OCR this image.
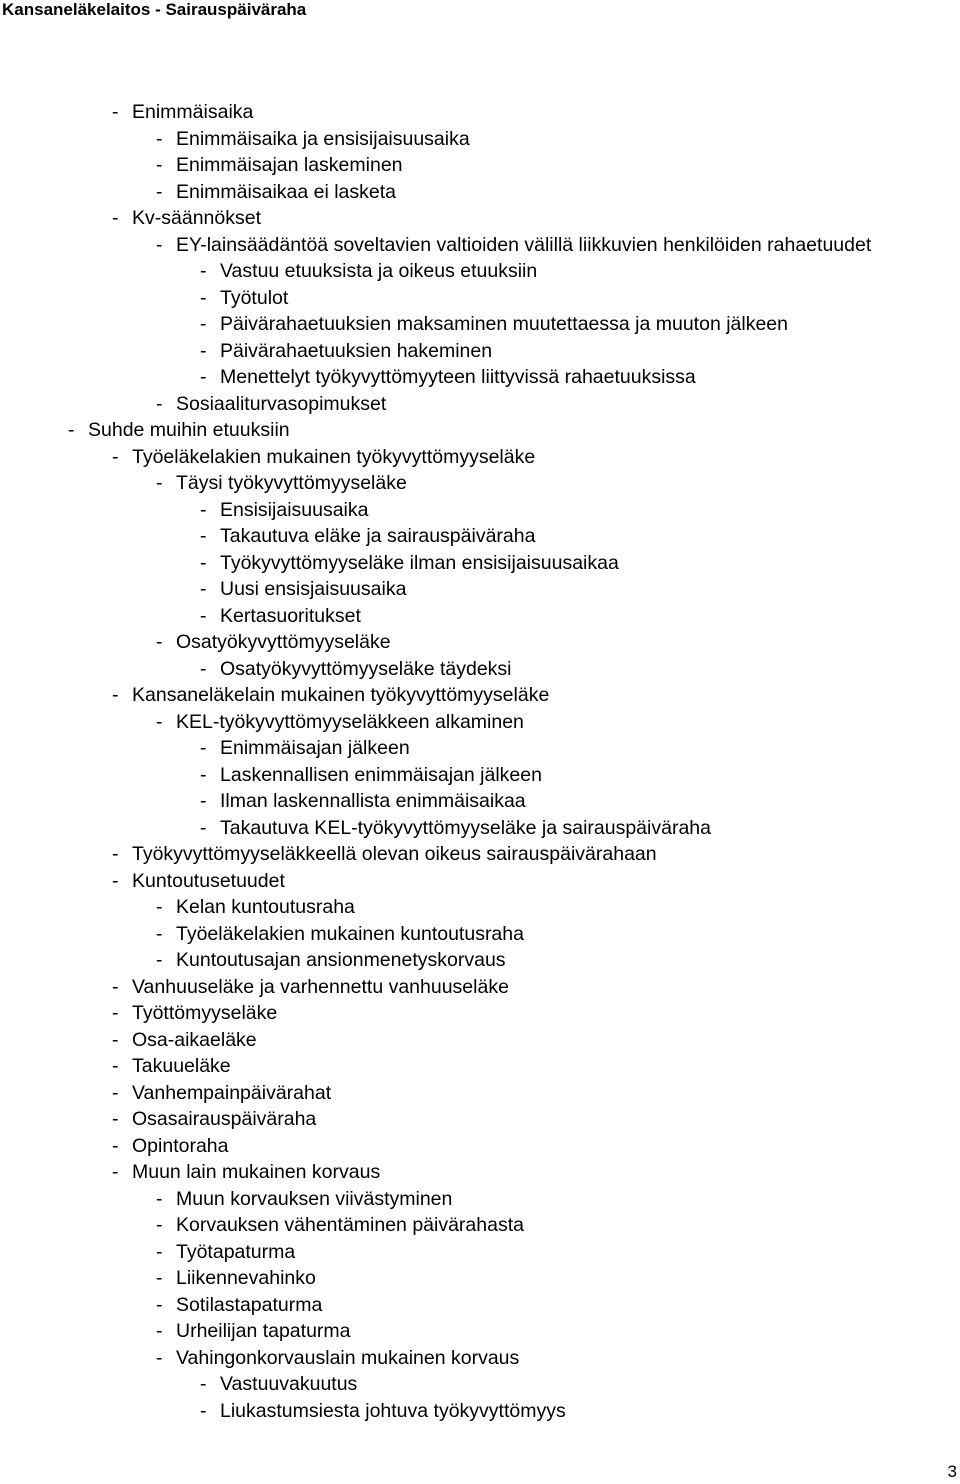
Kansaneläkelaitos - Sairauspäiväraha
- Enimmäisaika
- Enimmäisaika ja ensisijaisuusaika
- Enimmäisajan laskeminen
- Enimmäisaikaa ei lasketa
- Kv-säännökset
- EY-lainsäädäntöä soveltavien valtioiden välillä liikkuvien henkilöiden rahaetuudet
- Vastuu etuuksista ja oikeus etuuksiin
- Työtulot
- Päivärahaetuuksien maksaminen muutettaessa ja muuton jälkeen
- Päivärahaetuuksien hakeminen
- Menettelyt työkyvyttömyyteen liittyvissä rahaetuuksissa
- Sosiaaliturvasopimukset
- Suhde muihin etuuksiin
- Työeläkelakien mukainen työkyvyttömyyseläke
- Täysi työkyvyttömyyseläke
- Ensisijaisuusaika
- Takautuva eläke ja sairauspäiväraha
- Työkyvyttömyyseläke ilman ensisijaisuusaikaa
- Uusi ensisjaisuusaika
- Kertasuoritukset
- Osatyökyvyttömyyseläke
- Osatyökyvyttömyyseläke täydeksi
- Kansaneläkelain mukainen työkyvyttömyyseläke
- KEL-työkyvyttömyyseläkkeen alkaminen
- Enimmäisajan jälkeen
- Laskennallisen enimmäisajan jälkeen
- Ilman laskennallista enimmäisaikaa
- Takautuva KEL-työkyvyttömyyseläke ja sairauspäiväraha
- Työkyvyttömyyseläkkeellä olevan oikeus sairauspäivärahaan
- Kuntoutusetuudet
- Kelan kuntoutusraha
- Työeläkelakien mukainen kuntoutusraha
- Kuntoutusajan ansionmenetyskorvaus
- Vanhuuseläke ja varhennettu vanhuuseläke
- Työttömyyseläke
- Osa-aikaeläke
- Takuueläke
- Vanhempainpäivärahat
- Osasairauspäiväraha
- Opintoraha
- Muun lain mukainen korvaus
- Muun korvauksen viivästyminen
- Korvauksen vähentäminen päivärahasta
- Työtapaturma
- Liikennevahinko
- Sotilastapaturma
- Urheilijan tapaturma
- Vahingonkorvauslain mukainen korvaus
- Vastuuvakuutus
- Liukastumsiesta johtuva työkyvyttömyys
3
